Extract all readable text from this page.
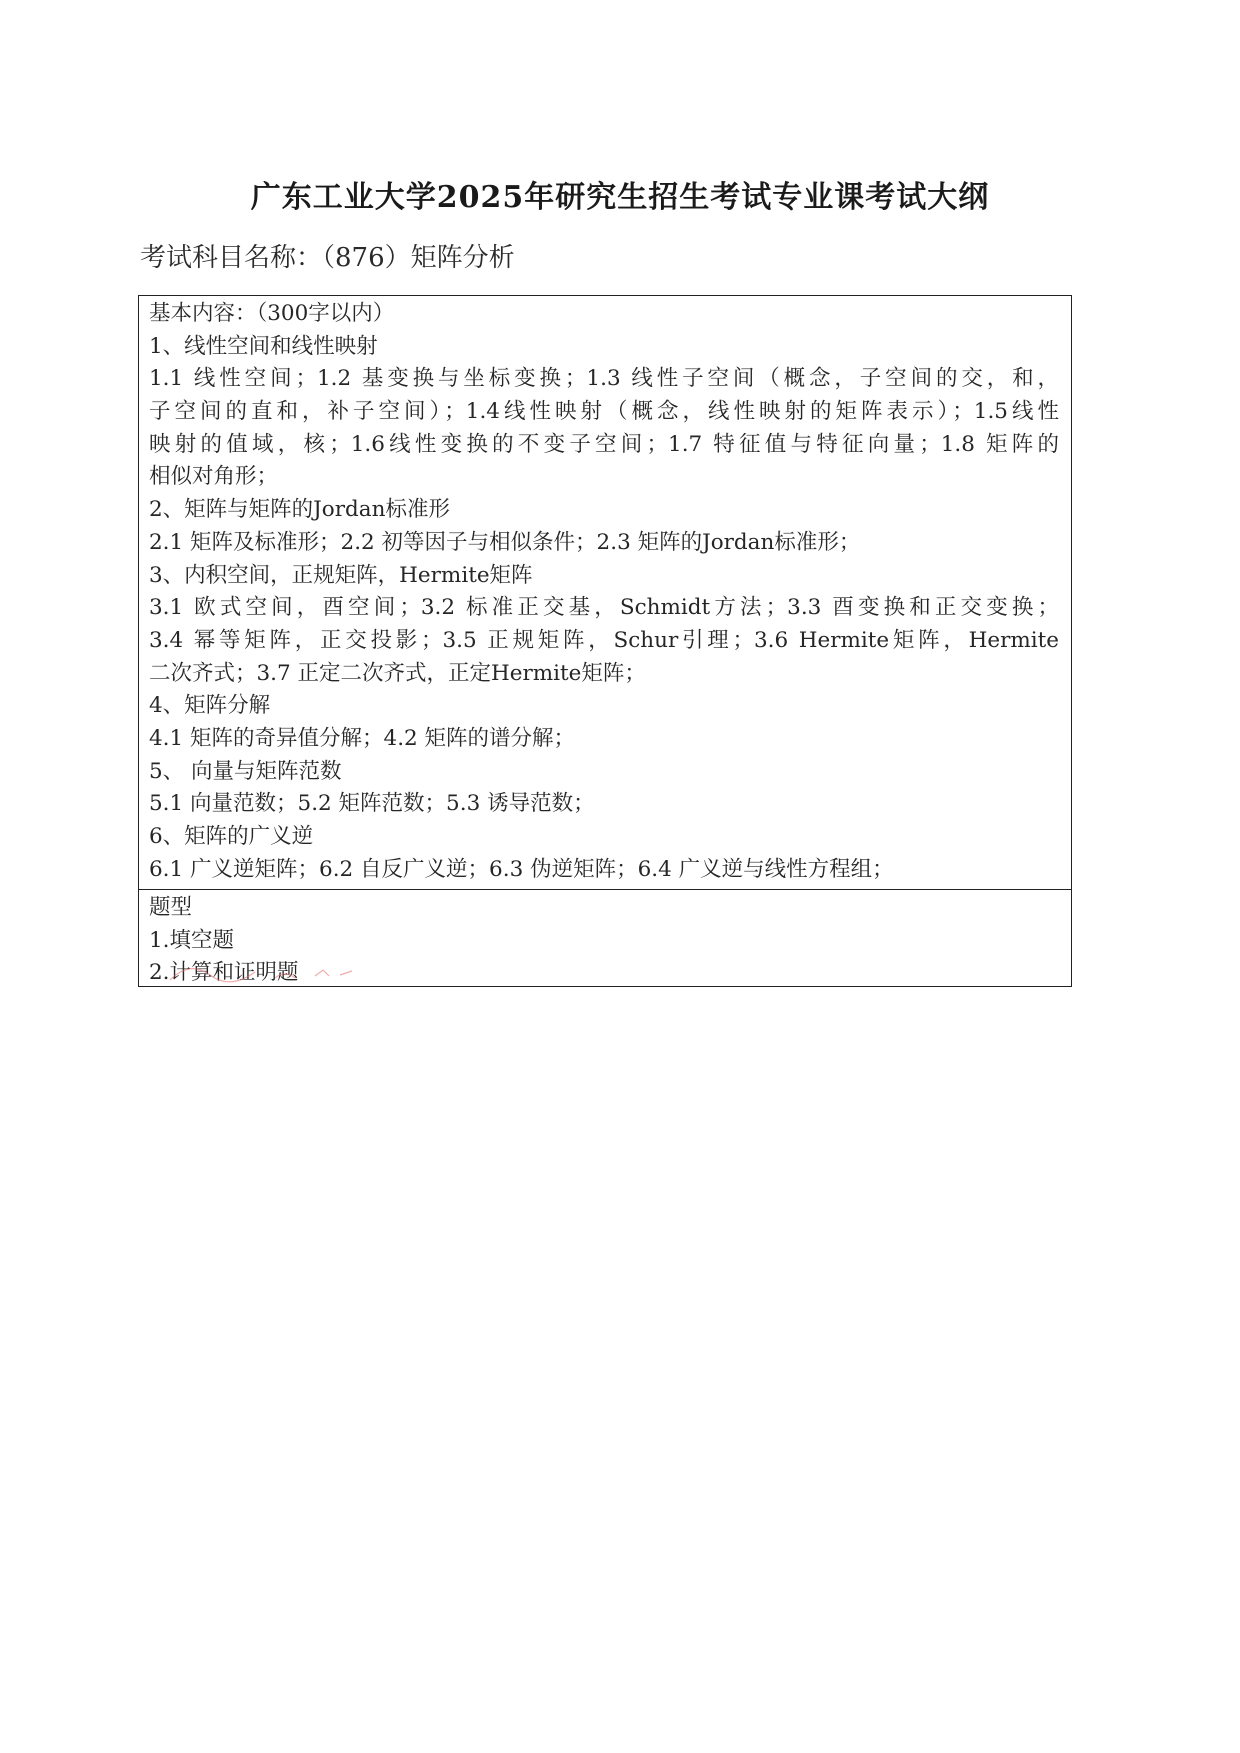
广东工业大学2025年研究生招生考试专业课考试大纲

考试科目名称：（876）矩阵分析

基本内容：（300字以内）
1、线性空间和线性映射
1.1 线性空间；1.2 基变换与坐标变换；1.3 线性子空间（概念，子空间的交，和，
子空间的直和，补子空间）；1.4线性映射（概念，线性映射的矩阵表示）；1.5线性
映射的值域，核；1.6线性变换的不变子空间；1.7 特征值与特征向量；1.8 矩阵的
相似对角形；
2、矩阵与矩阵的Jordan标准形
2.1 矩阵及标准形；2.2 初等因子与相似条件；2.3 矩阵的Jordan标准形；
3、内积空间，正规矩阵，Hermite矩阵
3.1 欧式空间，酉空间；3.2 标准正交基，Schmidt方法；3.3 酉变换和正交变换；
3.4 幂等矩阵，正交投影；3.5 正规矩阵，Schur引理；3.6 Hermite矩阵，Hermite
二次齐式；3.7 正定二次齐式，正定Hermite矩阵；
4、矩阵分解
4.1 矩阵的奇异值分解；4.2 矩阵的谱分解；
5、 向量与矩阵范数
5.1 向量范数；5.2 矩阵范数；5.3 诱导范数；
6、矩阵的广义逆
6.1 广义逆矩阵；6.2 自反广义逆；6.3 伪逆矩阵；6.4 广义逆与线性方程组；
题型
1.填空题
2.计算和证明题
